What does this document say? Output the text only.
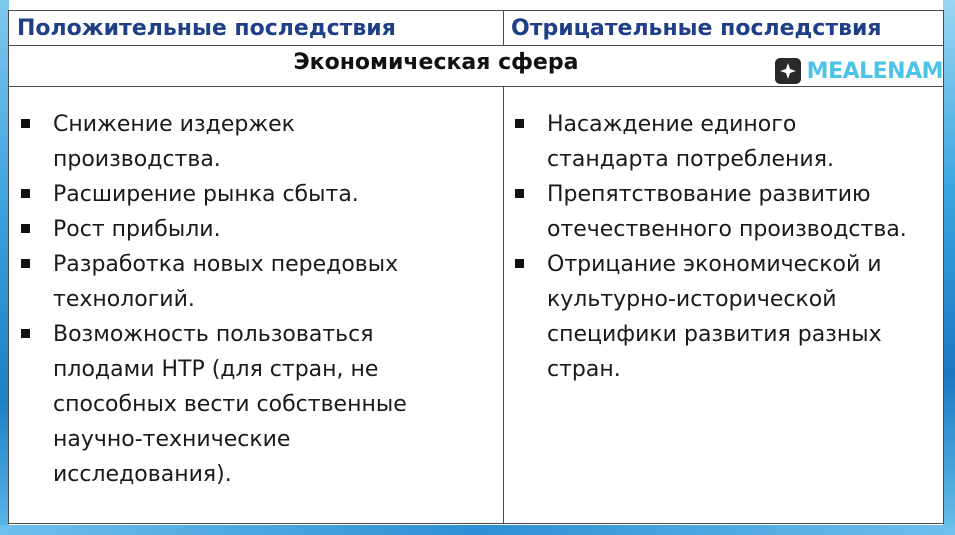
Положительные последствия	Отрицательные последствия
Экономическая сфера
Снижение издержек
производства.
Расширение рынка сбыта.
Рост прибыли.
Разработка новых передовых
технологий.
Возможность пользоваться
плодами НТР (для стран, не
способных вести собственные
научно-технические
исследования).
Насаждение единого
стандарта потребления.
Препятствование развитию
отечественного производства.
Отрицание экономической и
культурно-исторической
специфики развития разных
стран.
MEALENAM
